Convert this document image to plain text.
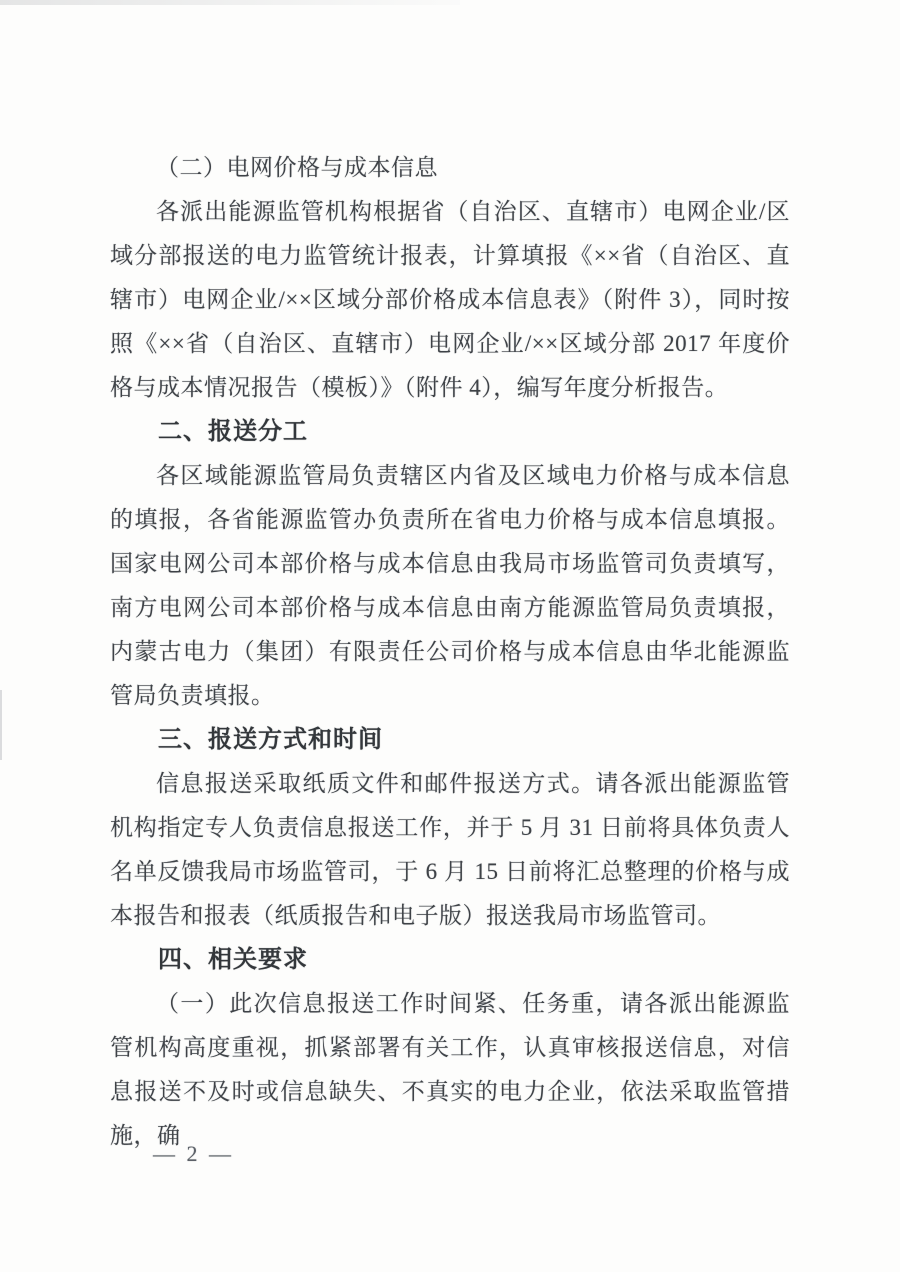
（二）电网价格与成本信息

各派出能源监管机构根据省（自治区、直辖市）电网企业/区域分部报送的电力监管统计报表，计算填报《××省（自治区、直辖市）电网企业/××区域分部价格成本信息表》（附件 3），同时按照《××省（自治区、直辖市）电网企业/××区域分部 2017 年度价格与成本情况报告（模板）》（附件 4），编写年度分析报告。

二、报送分工

各区域能源监管局负责辖区内省及区域电力价格与成本信息的填报，各省能源监管办负责所在省电力价格与成本信息填报。国家电网公司本部价格与成本信息由我局市场监管司负责填写，南方电网公司本部价格与成本信息由南方能源监管局负责填报，内蒙古电力（集团）有限责任公司价格与成本信息由华北能源监管局负责填报。

三、报送方式和时间

信息报送采取纸质文件和邮件报送方式。请各派出能源监管机构指定专人负责信息报送工作，并于 5 月 31 日前将具体负责人名单反馈我局市场监管司，于 6 月 15 日前将汇总整理的价格与成本报告和报表（纸质报告和电子版）报送我局市场监管司。

四、相关要求

（一）此次信息报送工作时间紧、任务重，请各派出能源监管机构高度重视，抓紧部署有关工作，认真审核报送信息，对信息报送不及时或信息缺失、不真实的电力企业，依法采取监管措施，确

— 2 —
